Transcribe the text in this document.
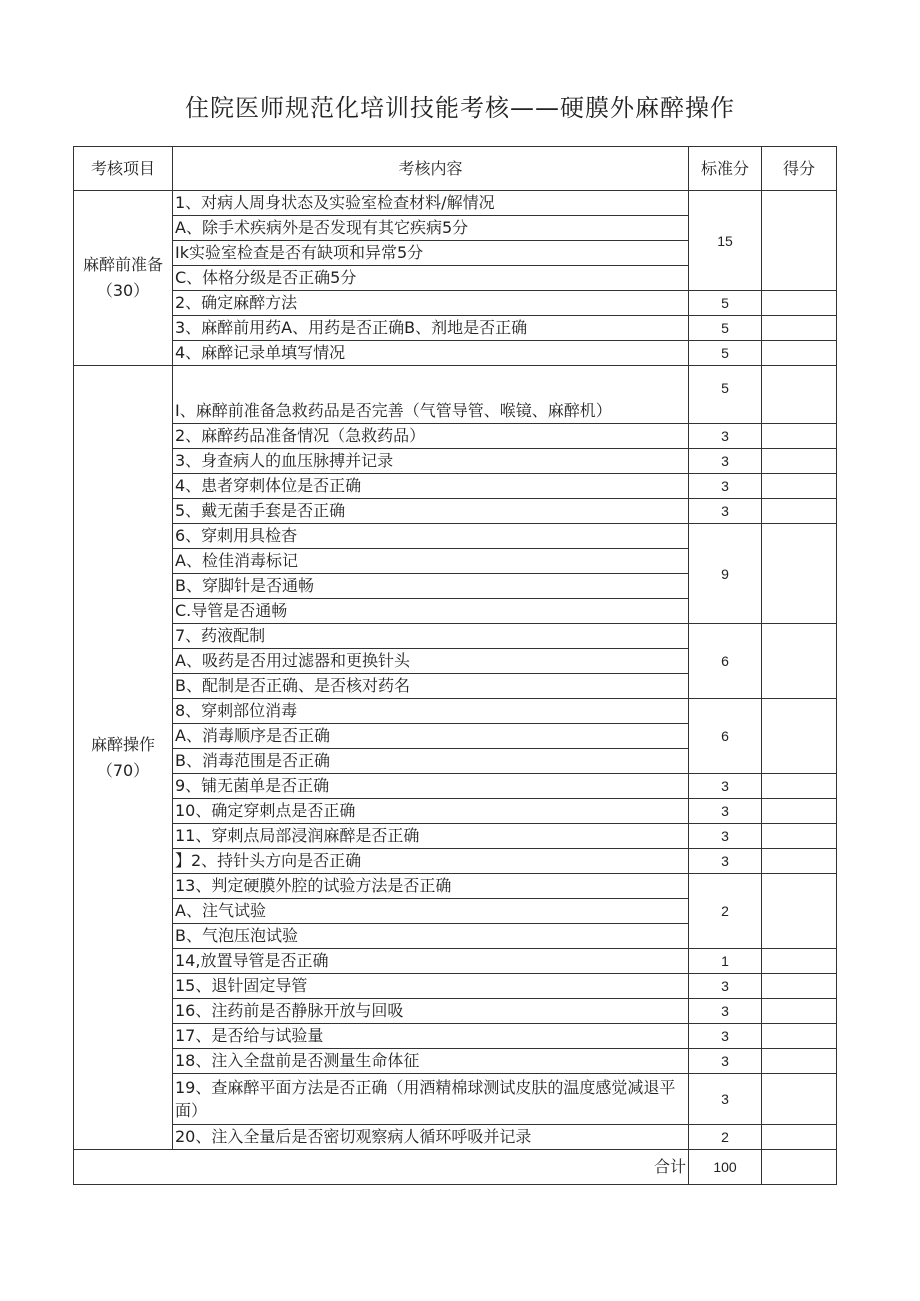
住院医师规范化培训技能考核——硬膜外麻醉操作
考核项目	考核内容	标准分	得分
麻醉前准备（30）	1、对病人周身状态及实验室检查材料/解情况	15	
	A、除手术疾病外是否发现有其它疾病5分		
	Ik实验室检查是否有缺项和异常5分		
	C、体格分级是否正确5分		
	2、确定麻醉方法	5	
	3、麻醉前用药A、用药是否正确B、剂地是否正确	5	
	4、麻醉记录单填写情况	5	
麻醉操作（70）	I、麻醉前准备急救药品是否完善（气管导管、喉镜、麻醉机）	5	
	2、麻醉药品准备情况（急救药品）	3	
	3、身查病人的血压脉搏并记录	3	
	4、患者穿刺体位是否正确	3	
	5、戴无菌手套是否正确	3	
	6、穿刺用具检杳	9	
	A、检佳消毒标记		
	B、穿脚针是否通畅		
	C.导管是否通畅		
	7、药液配制	6	
	A、吸药是否用过滤器和更换针头		
	B、配制是否正确、是否核对药名		
	8、穿刺部位消毒	6	
	A、消毒顺序是否正确		
	B、消毒范围是否正确		
	9、铺无菌单是否正确	3	
	10、确定穿刺点是否正确	3	
	11、穿刺点局部浸润麻醉是否正确	3	
	】2、持针头方向是否正确	3	
	13、判定硬膜外腔的试验方法是否正确	2	
	A、注气试验		
	B、气泡压泡试验		
	14,放置导管是否正确	1	
	15、退针固定导管	3	
	16、注药前是否静脉开放与回吸	3	
	17、是否给与试验量	3	
	18、注入全盘前是否测量生命体征	3	
	19、查麻醉平面方法是否正确（用酒精棉球测试皮肤的温度感觉减退平面）	3	
	20、注入全量后是否密切观察病人循环呼吸并记录	2	
合计		100	
